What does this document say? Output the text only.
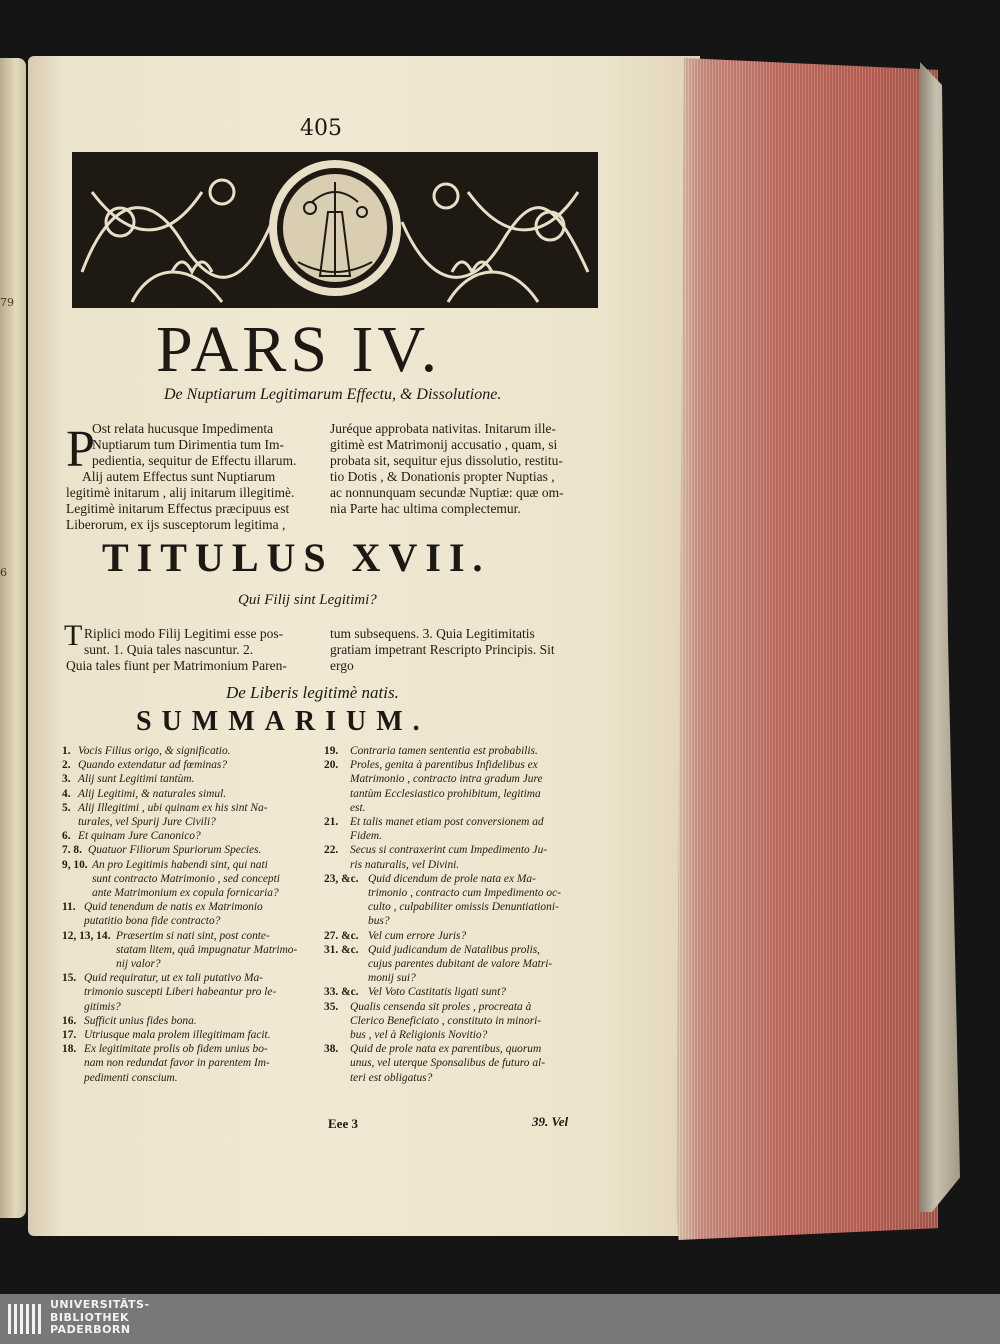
79
6
405
PARS IV.
De Nuptiarum Legitimarum Effectu, & Dissolutione.
P

Ost relata hucusque Impedimenta

Nuptiarum tum Dirimentia tum Im-

pedientia, sequitur de Effectu illarum.

Alij autem Effectus sunt Nuptiarum

legitimè initarum , alij initarum illegitimè.

Legitimè initarum Effectus præcipuus est

Liberorum, ex ijs susceptorum legitima ,

Juréque approbata nativitas. Initarum ille-

gitimè est Matrimonij accusatio , quam, si

probata sit, sequitur ejus dissolutio, restitu-

tio Dotis , & Donationis propter Nuptias ,

ac nonnunquam secundæ Nuptiæ: quæ om-

nia Parte hac ultima complectemur.

TITULUS XVII.
Qui Filij sint Legitimi?
T Riplici modo Filij Legitimi esse pos-

sunt. 1. Quia tales nascuntur. 2.

Quia tales fiunt per Matrimonium Paren-

tum subsequens. 3. Quia Legitimitatis

gratiam impetrant Rescripto Principis. Sit

ergo

De Liberis legitimè natis.
SUMMARIUM.
1. Vocis Filius origo, & significatio.
2. Quando extendatur ad fœminas?
3. Alij sunt Legitimi tantùm.
4. Alij Legitimi, & naturales simul.
5. Alij Illegitimi , ubi quinam ex his sint Na-
turales, vel Spurij Jure Civili?
6. Et quinam Jure Canonico?
7. 8. Quatuor Filiorum Spuriorum Species.
9, 10. An pro Legitimis habendi sint, qui nati
sunt contracto Matrimonio , sed concepti
ante Matrimonium ex copula fornicaria?
11. Quid tenendum de natis ex Matrimonio
putatitio bona fide contracto?
12, 13, 14. Præsertim si nati sint, post conte-
statam litem, quâ impugnatur Matrimo-
nij valor?
15. Quid requiratur, ut ex tali putativo Ma-
trimonio suscepti Liberi habeantur pro le-
gitimis?
16. Sufficit unius fides bona.
17. Utriusque mala prolem illegitimam facit.
18. Ex legitimitate prolis ob fidem unius bo-
nam non redundat favor in parentem Im-
pedimenti conscium.
19.	Contraria tamen sententia est probabilis.
20.	Proles, genita à parentibus Infidelibus ex
Matrimonio , contracto intra gradum Jure
tantùm Ecclesiastico prohibitum, legitima
est.
21.	Et talis manet etiam post conversionem ad
Fidem.
22.	Secus si contraxerint cum Impedimento Ju-
ris naturalis, vel Divini.
23, &c. Quid dicendum de prole nata ex Ma-
trimonio , contracto cum Impedimento oc-
culto , culpabiliter omissis Denuntiationi-
bus?
27. &c. Vel cum errore Juris?
31. &c. Quid judicandum de Natalibus prolis,
cujus parentes dubitant de valore Matri-
monij sui?
33. &c. Vel Voto Castitatis ligati sunt?
35.	Qualis censenda sit proles , procreata à
Clerico Beneficiato , constituto in minori-
bus , vel à Religionis Novitio?
38.	Quid de prole nata ex parentibus, quorum
unus, vel uterque Sponsalibus de futuro al-
teri est obligatus?
Eee 3	39. Vel
UNIVERSITÄTS-
BIBLIOTHEK
PADERBORN
